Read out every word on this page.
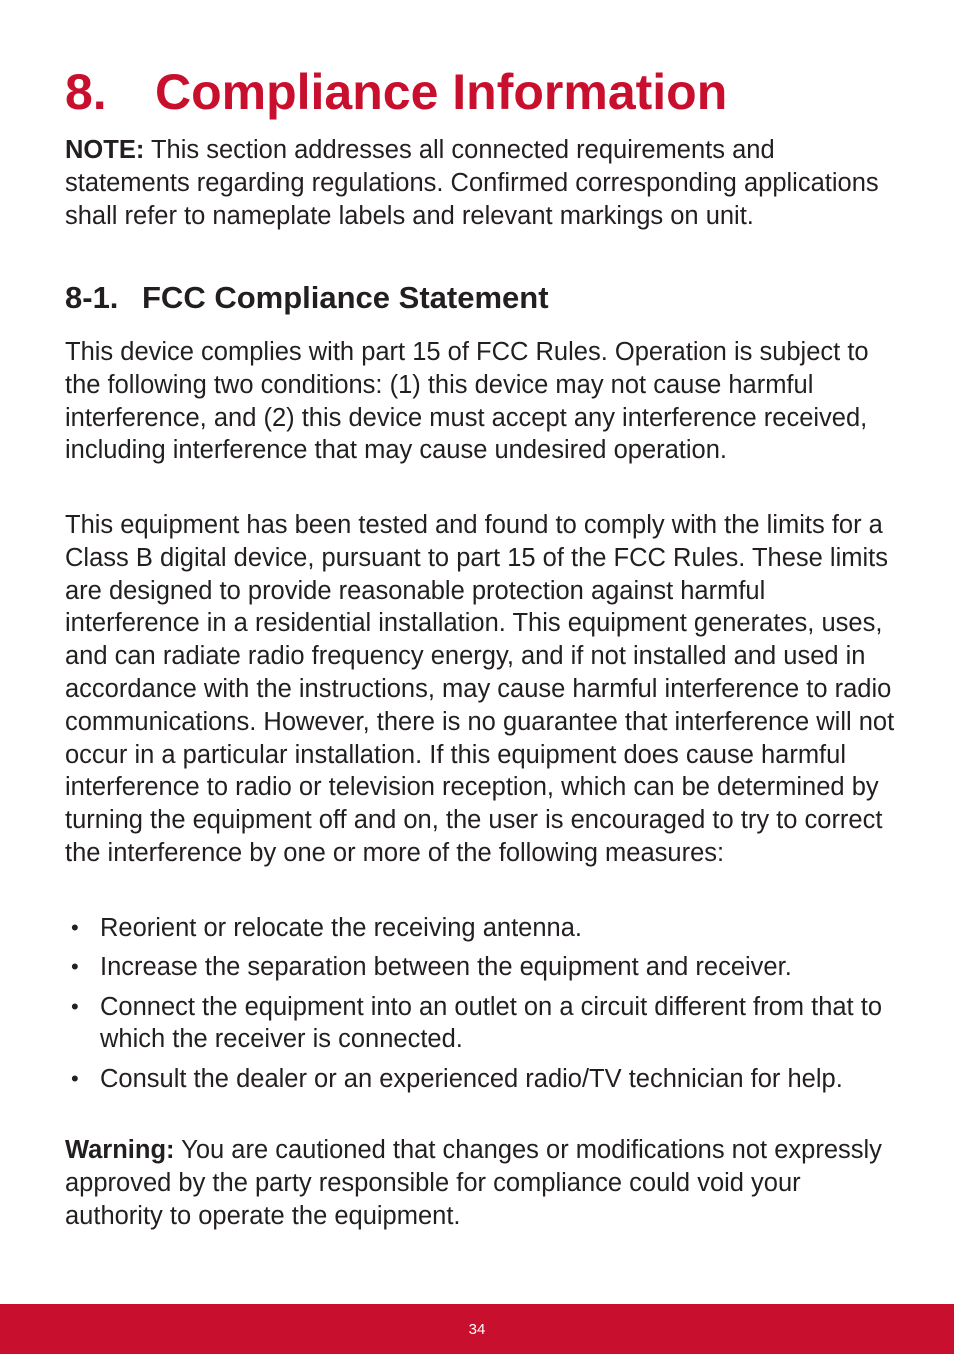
8. Compliance Information

NOTE: This section addresses all connected requirements and statements regarding regulations. Confirmed corresponding applications shall refer to nameplate labels and relevant markings on unit.

8-1. FCC Compliance Statement

This device complies with part 15 of FCC Rules. Operation is subject to the following two conditions: (1) this device may not cause harmful interference, and (2) this device must accept any interference received, including interference that may cause undesired operation.

This equipment has been tested and found to comply with the limits for a Class B digital device, pursuant to part 15 of the FCC Rules. These limits are designed to provide reasonable protection against harmful interference in a residential installation. This equipment generates, uses, and can radiate radio frequency energy, and if not installed and used in accordance with the instructions, may cause harmful interference to radio communications. However, there is no guarantee that interference will not occur in a particular installation. If this equipment does cause harmful interference to radio or television reception, which can be determined by turning the equipment off and on, the user is encouraged to try to correct the interference by one or more of the following measures:

• Reorient or relocate the receiving antenna.
• Increase the separation between the equipment and receiver.
• Connect the equipment into an outlet on a circuit different from that to which the receiver is connected.
• Consult the dealer or an experienced radio/TV technician for help.

Warning: You are cautioned that changes or modifications not expressly approved by the party responsible for compliance could void your authority to operate the equipment.

34
